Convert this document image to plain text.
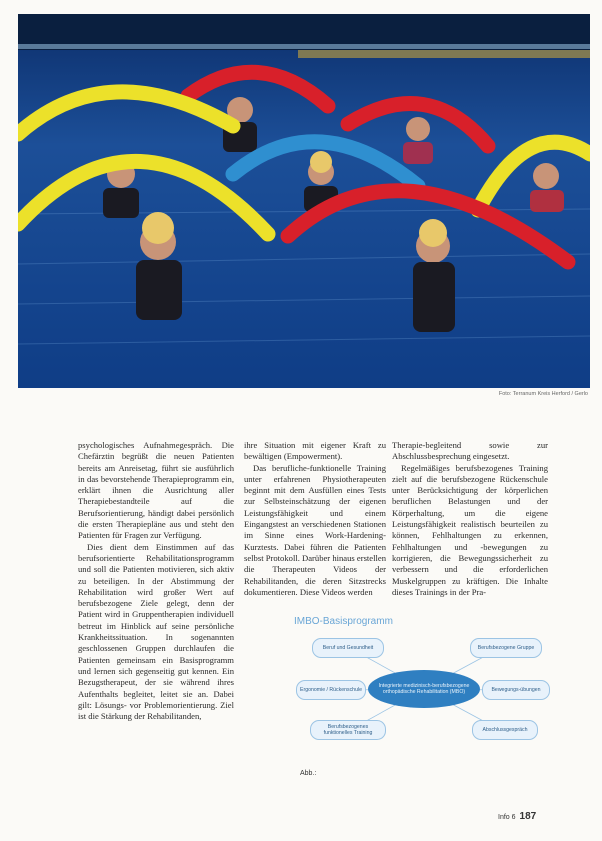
Foto: Terranum Kreis Herford / Gerlo

psychologisches Aufnahmegespräch. Die Chefärztin begrüßt die neuen Patienten bereits am Anreisetag, führt sie ausführlich in das bevorstehende Therapieprogramm ein, erklärt ihnen die Ausrichtung aller Therapiebestandteile auf die Berufsorientierung, händigt dabei persönlich die ersten Therapiepläne aus und steht den Patienten für Fragen zur Verfügung.

Dies dient dem Einstimmen auf das berufsorientierte Rehabilitationsprogramm und soll die Patienten motivieren, sich aktiv zu beteiligen. In der Abstimmung der Rehabilitation wird großer Wert auf berufsbezogene Ziele gelegt, denn der Patient wird in Gruppentherapien individuell betreut im Hinblick auf seine persönliche Krankheitssituation. In sogenannten geschlossenen Gruppen durchlaufen die Patienten gemeinsam ein Basisprogramm und lernen sich gegenseitig gut kennen. Ein Bezugstherapeut, der sie während ihres Aufenthalts begleitet, leitet sie an. Dabei gilt: Lösungs- vor Problemorientierung. Ziel ist die Stärkung der Rehabilitanden,

ihre Situation mit eigener Kraft zu bewältigen (Empowerment).

Das berufliche-funktionelle Training unter erfahrenen Physiotherapeuten beginnt mit dem Ausfüllen eines Tests zur Selbsteinschätzung der eigenen Leistungsfähigkeit und einem Eingangstest an verschiedenen Stationen im Sinne eines Work-Hardening-Kurztests. Dabei führen die Patienten selbst Protokoll. Darüber hinaus erstellen die Therapeuten Videos der Rehabilitanden, die deren Sitzstrecks dokumentieren. Diese Videos werden

Therapie-begleitend sowie zur Abschlussbesprechung eingesetzt.

Regelmäßiges berufsbezogenes Training zielt auf die berufsbezogene Rückenschule unter Berücksichtigung der körperlichen beruflichen Belastungen und der Körperhaltung, um die eigene Leistungsfähigkeit realistisch beurteilen zu können, Fehlhaltungen zu erkennen, Fehlhaltungen und -bewegungen zu korrigieren, die Bewegungssicherheit zu verbessern und die erforderlichen Muskelgruppen zu kräftigen. Die Inhalte dieses Trainings in der Pra-

IMBO-Basisprogramm
Beruf und Gesundheit	Berufsbezogene Gruppe
Ergonomie / Rückenschule	Bewegungs-übungen
Berufsbezogenes funktionelles Training	Abschlussgespräch
Integrierte medizinisch-berufsbezogene orthopädische Rehabilitation (MBO)
Abb.:
Info 6 187
